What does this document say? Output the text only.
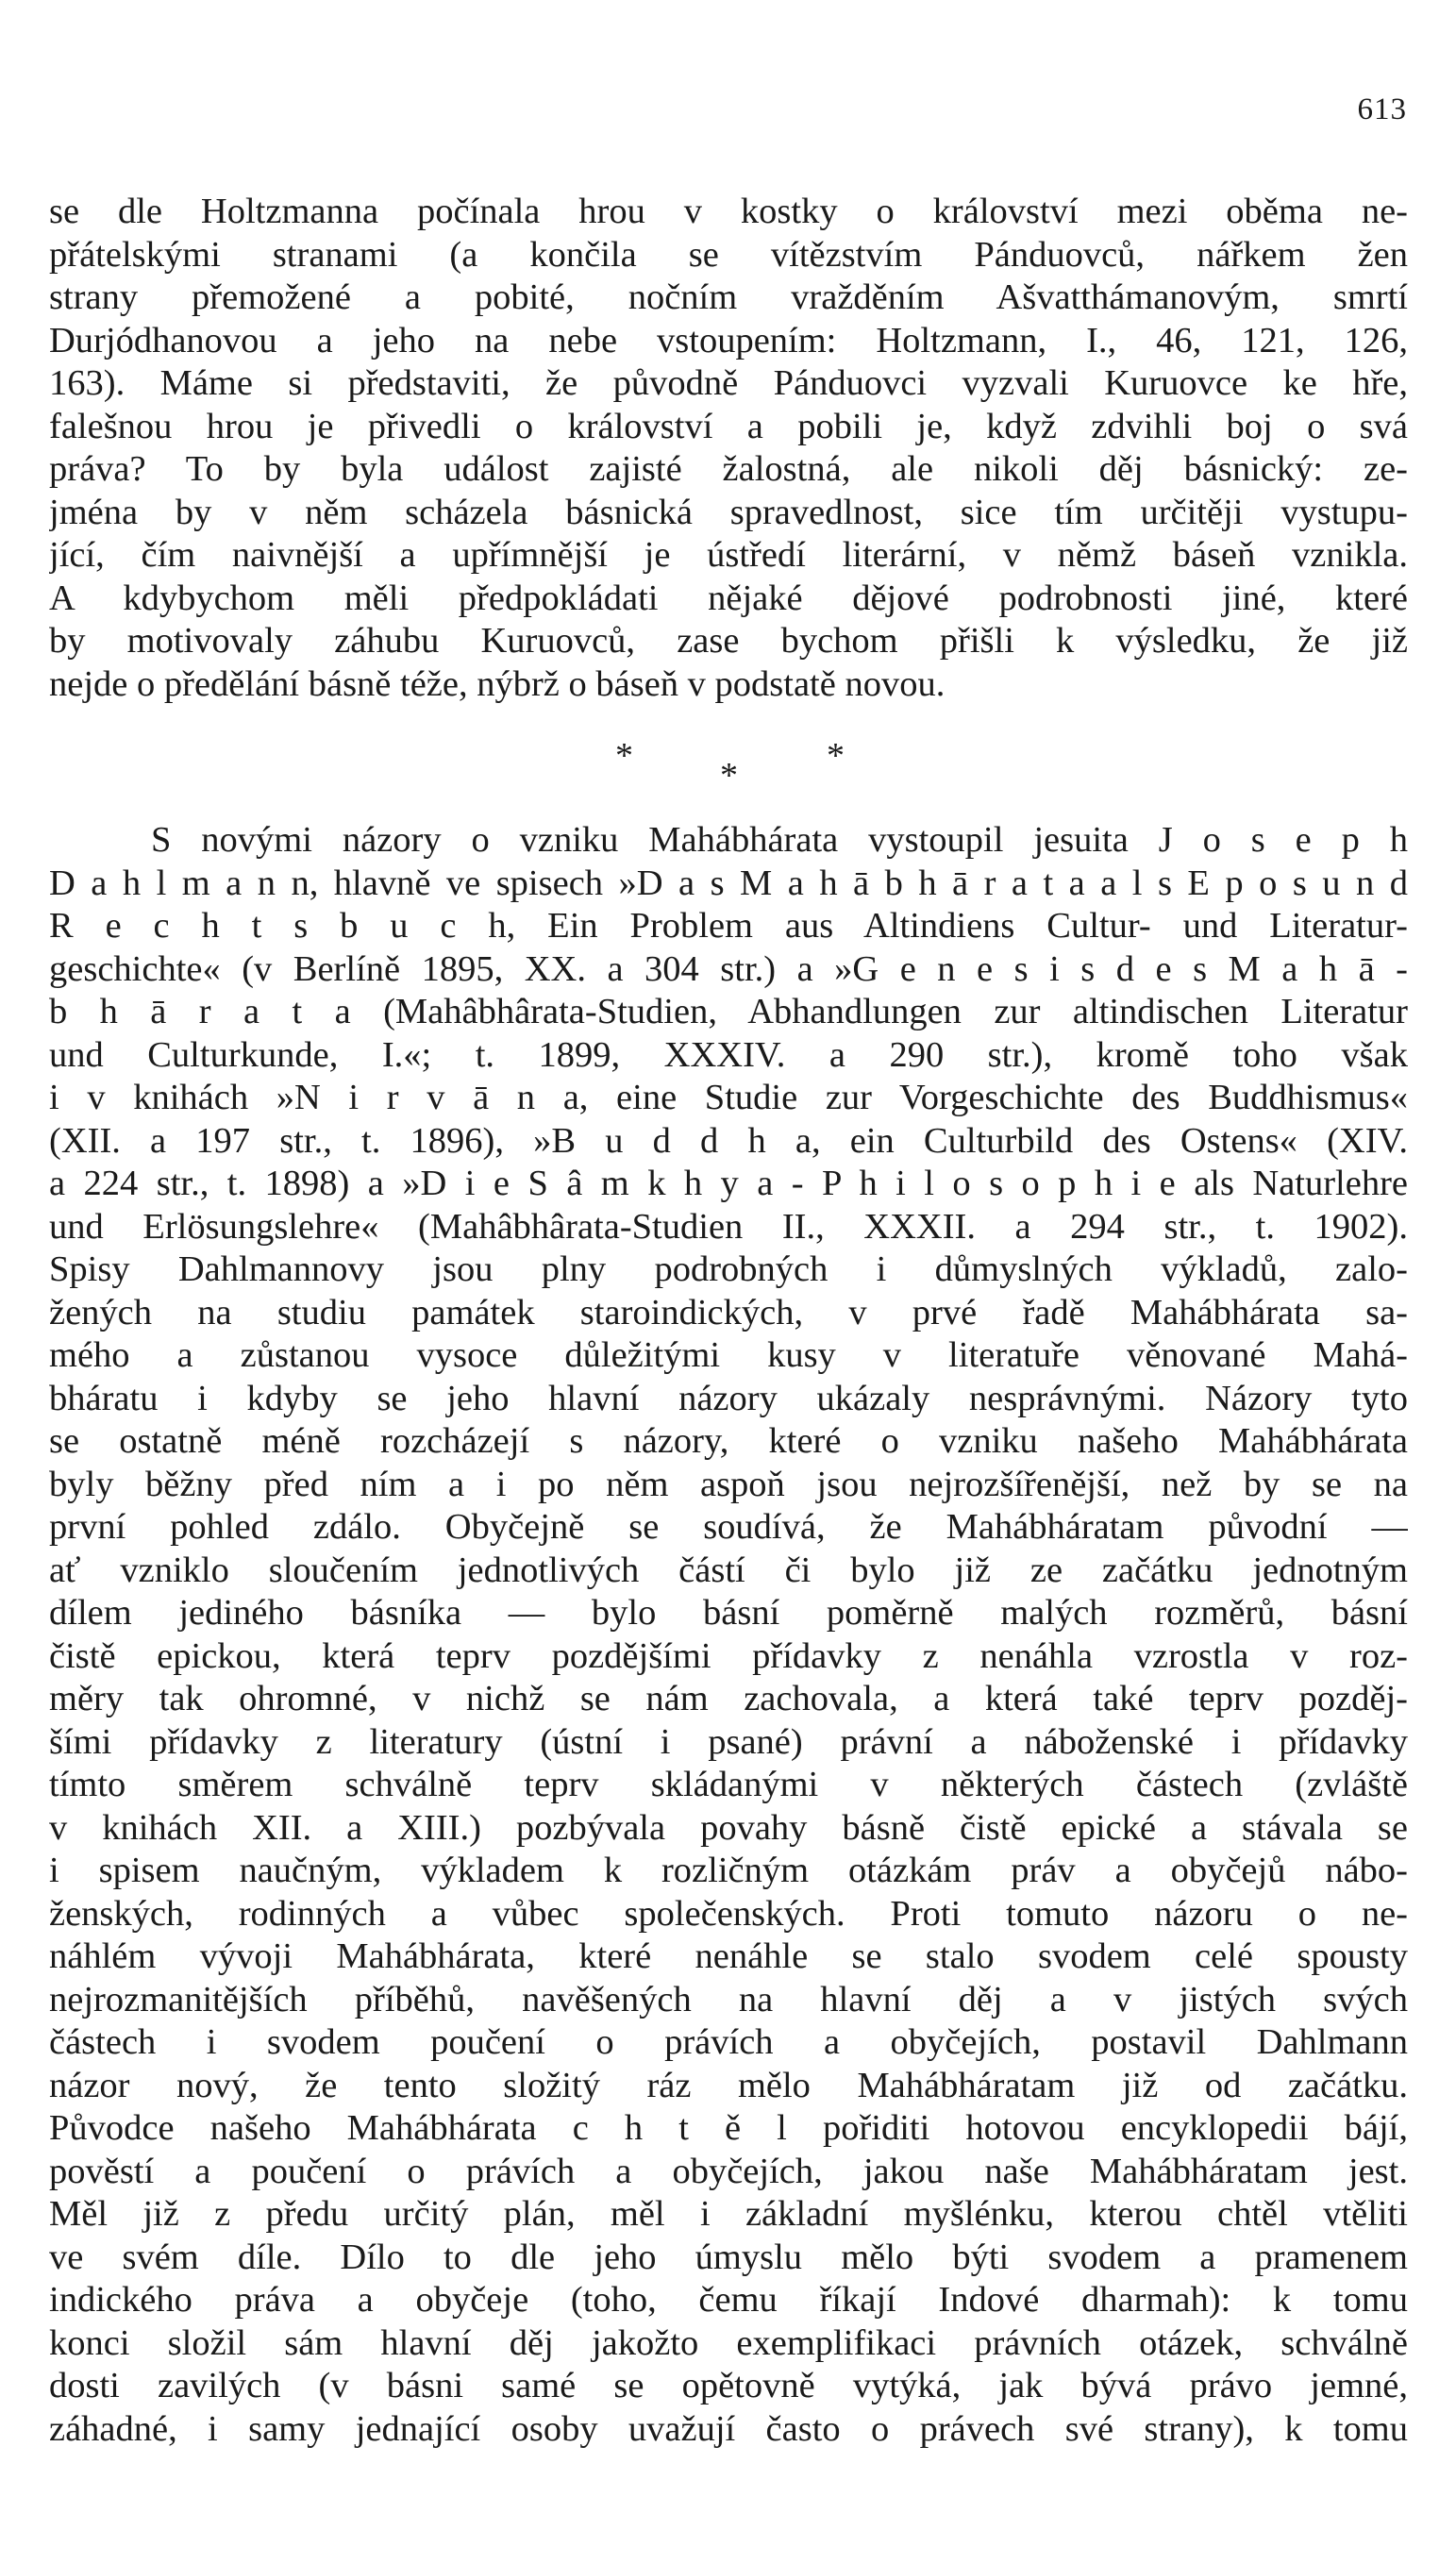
613
se dle Holtzmanna počínala hrou v kostky o království mezi oběma ne-
přátelskými stranami (a končila se vítězstvím Pánduovců, nářkem žen
strany přemožené a pobité, nočním vražděním Ašvatthámanovým, smrtí
Durjódhanovou a jeho na nebe vstoupením: Holtzmann, I., 46, 121, 126,
163). Máme si představiti, že původně Pánduovci vyzvali Kuruovce ke hře,
falešnou hrou je přivedli o království a pobili je, když zdvihli boj o svá
práva? To by byla událost zajisté žalostná, ale nikoli děj básnický: ze-
jména by v něm scházela básnická spravedlnost, sice tím určitěji vystupu-
jící, čím naivnější a upřímnější je ústředí literární, v němž báseň vznikla.
A kdybychom měli předpokládati nějaké dějové podrobnosti jiné, které
by motivovaly záhubu Kuruovců, zase bychom přišli k výsledku, že již
nejde o předělání básně téže, nýbrž o báseň v podstatě novou.
* * *
S novými názory o vzniku Mahábhárata vystoupil jesuita J o s e p h
D a h l m a n n, hlavně ve spisech »D a s M a h ā b h ā r a t a a l s E p o s u n d
R e c h t s b u c h, Ein Problem aus Altindiens Cultur- und Literatur-
geschichte« (v Berlíně 1895, XX. a 304 str.) a »G e n e s i s d e s M a h ā -
b h ā r a t a (Mahâbhârata-Studien, Abhandlungen zur altindischen Literatur
und Culturkunde, I.«; t. 1899, XXXIV. a 290 str.), kromě toho však
i v knihách »N i r v ā n a, eine Studie zur Vorgeschichte des Buddhismus«
(XII. a 197 str., t. 1896), »B u d d h a, ein Culturbild des Ostens« (XIV.
a 224 str., t. 1898) a »D i e S â m k h y a - P h i l o s o p h i e als Naturlehre
und Erlösungslehre« (Mahâbhârata-Studien II., XXXII. a 294 str., t. 1902).
Spisy Dahlmannovy jsou plny podrobných i důmyslných výkladů, zalo-
žených na studiu památek staroindických, v prvé řadě Mahábhárata sa-
mého a zůstanou vysoce důležitými kusy v literatuře věnované Mahá-
bháratu i kdyby se jeho hlavní názory ukázaly nesprávnými. Názory tyto
se ostatně méně rozcházejí s názory, které o vzniku našeho Mahábhárata
byly běžny před ním a i po něm aspoň jsou nejrozšířenější, než by se na
první pohled zdálo. Obyčejně se soudívá, že Mahábháratam původní —
ať vzniklo sloučením jednotlivých částí či bylo již ze začátku jednotným
dílem jediného básníka — bylo básní poměrně malých rozměrů, básní
čistě epickou, která teprv pozdějšími přídavky z nenáhla vzrostla v roz-
měry tak ohromné, v nichž se nám zachovala, a která také teprv pozděj-
šími přídavky z literatury (ústní i psané) právní a náboženské i přídavky
tímto směrem schválně teprv skládanými v některých částech (zvláště
v knihách XII. a XIII.) pozbývala povahy básně čistě epické a stávala se
i spisem naučným, výkladem k rozličným otázkám práv a obyčejů nábo-
ženských, rodinných a vůbec společenských. Proti tomuto názoru o ne-
náhlém vývoji Mahábhárata, které nenáhle se stalo svodem celé spousty
nejrozmanitějších příběhů, navěšených na hlavní děj a v jistých svých
částech i svodem poučení o právích a obyčejích, postavil Dahlmann
názor nový, že tento složitý ráz mělo Mahábháratam již od začátku.
Původce našeho Mahábhárata c h t ě l pořiditi hotovou encyklopedii bájí,
pověstí a poučení o právích a obyčejích, jakou naše Mahábháratam jest.
Měl již z předu určitý plán, měl i základní myšlénku, kterou chtěl vtěliti
ve svém díle. Dílo to dle jeho úmyslu mělo býti svodem a pramenem
indického práva a obyčeje (toho, čemu říkají Indové dharmah): k tomu
konci složil sám hlavní děj jakožto exemplifikaci právních otázek, schválně
dosti zavilých (v básni samé se opětovně vytýká, jak bývá právo jemné,
záhadné, i samy jednající osoby uvažují často o právech své strany), k tomu
